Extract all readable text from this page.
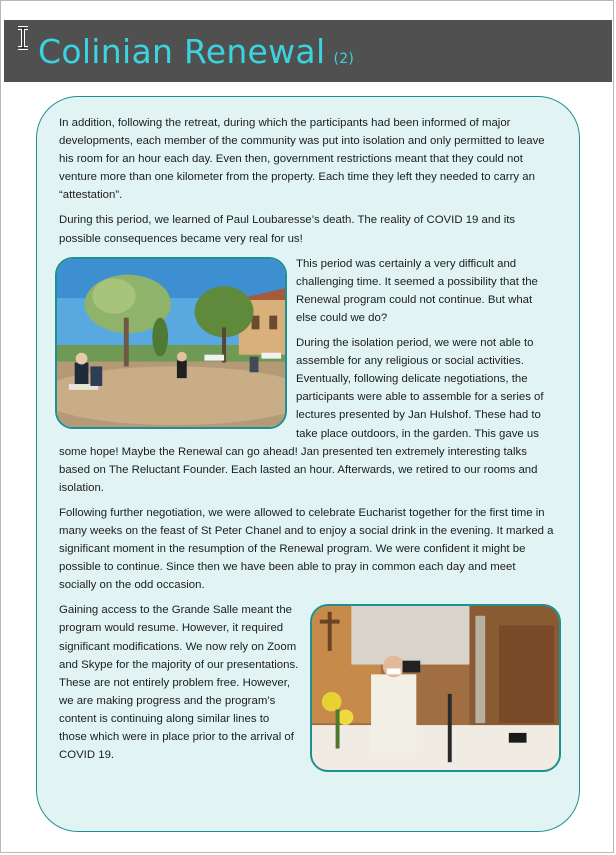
Colinian Renewal (2)

In addition, following the retreat, during which the participants had been informed of major developments, each member of the community was put into isolation and only permitted to leave his room for an hour each day. Even then, government restrictions meant that they could not venture more than one kilometer from the property. Each time they left they needed to carry an “attestation”.

During this period, we learned of Paul Loubaresse’s death. The reality of COVID 19 and its possible consequences became very real for us!

This period was certainly a very difficult and challenging time. It seemed a possibility that the Renewal program could not continue. But what else could we do?

During the isolation period, we were not able to assemble for any religious or social activities. Eventually, following delicate negotiations, the participants were able to assemble for a series of lectures presented by Jan Hulshof. These had to take place outdoors, in the garden. This gave us some hope! Maybe the Renewal can go ahead! Jan presented ten extremely interesting talks based on The Reluctant Founder. Each lasted an hour. Afterwards, we retired to our rooms and isolation.

Following further negotiation, we were allowed to celebrate Eucharist together for the first time in many weeks on the feast of St Peter Chanel and to enjoy a social drink in the evening. It marked a significant moment in the resumption of the Renewal program. We were confident it might be possible to continue. Since then we have been able to pray in common each day and meet socially on the odd occasion.

Gaining access to the Grande Salle meant the program would resume. However, it required significant modifications. We now rely on Zoom and Skype for the majority of our presentations. These are not entirely problem free. However, we are making progress and the program’s content is continuing along similar lines to those which were in place prior to the arrival of COVID 19.
